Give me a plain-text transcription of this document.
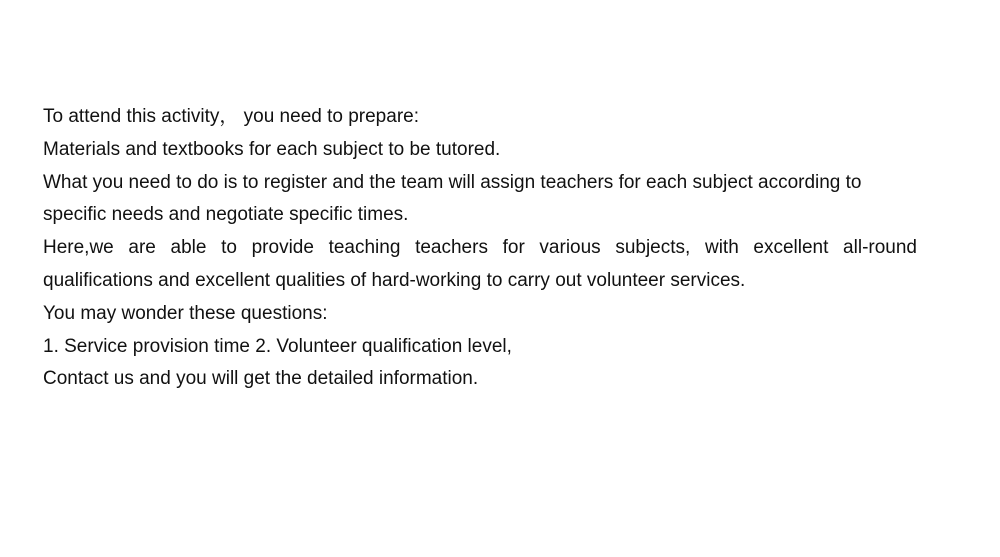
To attend this activity， you need to prepare:

Materials and textbooks for each subject to be tutored.

What you need to do is to register and the team will assign teachers for each subject according to specific needs and negotiate specific times.

Here,we are able to provide teaching teachers for various subjects, with excellent all-round qualifications and excellent qualities of hard-working to carry out volunteer services.

You may wonder these questions:

1. Service provision time 2. Volunteer qualification level,

Contact us and you will get the detailed information.
